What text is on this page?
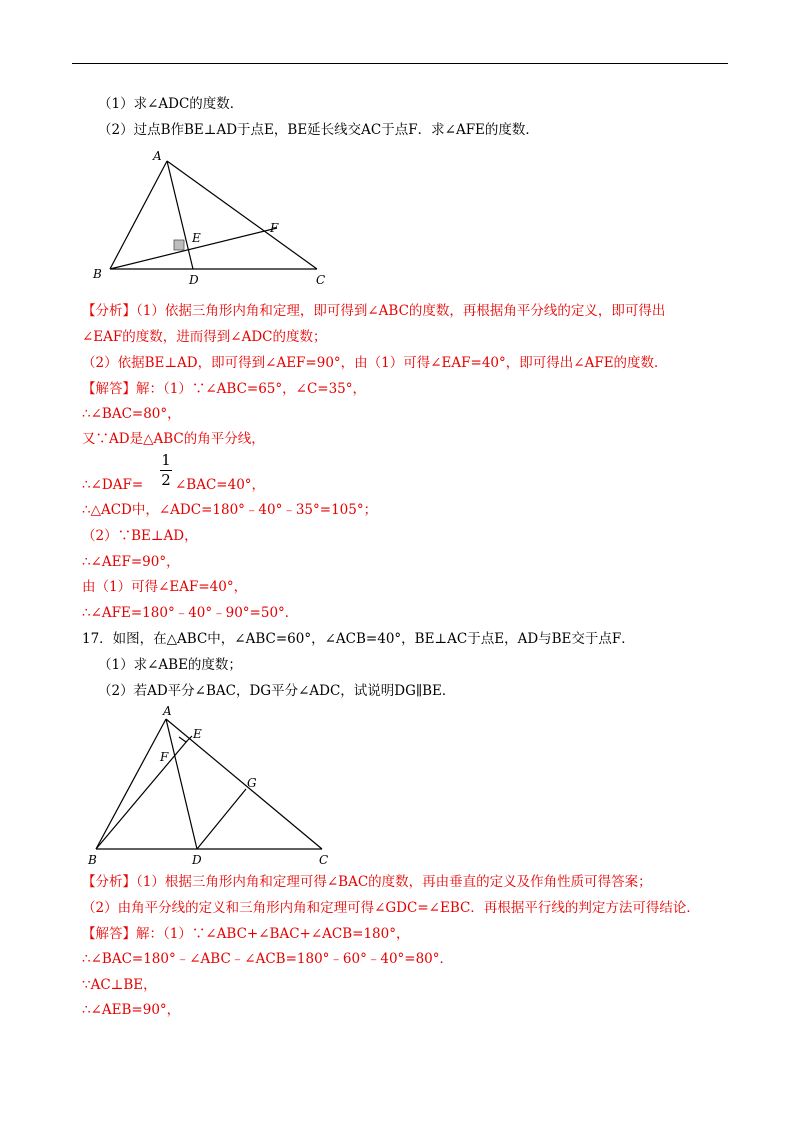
（1）求∠ADC的度数．
（2）过点B作BE⊥AD于点E，BE延长线交AC于点F．求∠AFE的度数．
A
B	C
D
E
F
【分析】（1）依据三角形内角和定理，即可得到∠ABC的度数，再根据角平分线的定义，即可得出
∠EAF的度数，进而得到∠ADC的度数；
（2）依据BE⊥AD，即可得到∠AEF=90°，由（1）可得∠EAF=40°，即可得出∠AFE的度数．
【解答】解：（1）∵∠ABC=65°，∠C=35°，
∴∠BAC=80°，
又∵AD是△ABC的角平分线，
∴∠DAF=
1
2 ∠BAC=40°，
∴△ACD中，∠ADC=180°﹣40°﹣35°=105°；
（2）∵BE⊥AD，
∴∠AEF=90°，
由（1）可得∠EAF=40°，
∴∠AFE=180°﹣40°﹣90°=50°．
17．如图，在△ABC中，∠ABC=60°，∠ACB=40°，BE⊥AC于点E，AD与BE交于点F．
（1）求∠ABE的度数；
（2）若AD平分∠BAC，DG平分∠ADC，试说明DG∥BE．
A
B	C
D
E
F
G
【分析】（1）根据三角形内角和定理可得∠BAC的度数，再由垂直的定义及作角性质可得答案；
（2）由角平分线的定义和三角形内角和定理可得∠GDC=∠EBC．再根据平行线的判定方法可得结论．
【解答】解：（1）∵∠ABC+∠BAC+∠ACB=180°，
∴∠BAC=180°﹣∠ABC﹣∠ACB=180°﹣60°﹣40°=80°．
∵AC⊥BE，
∴∠AEB=90°，
